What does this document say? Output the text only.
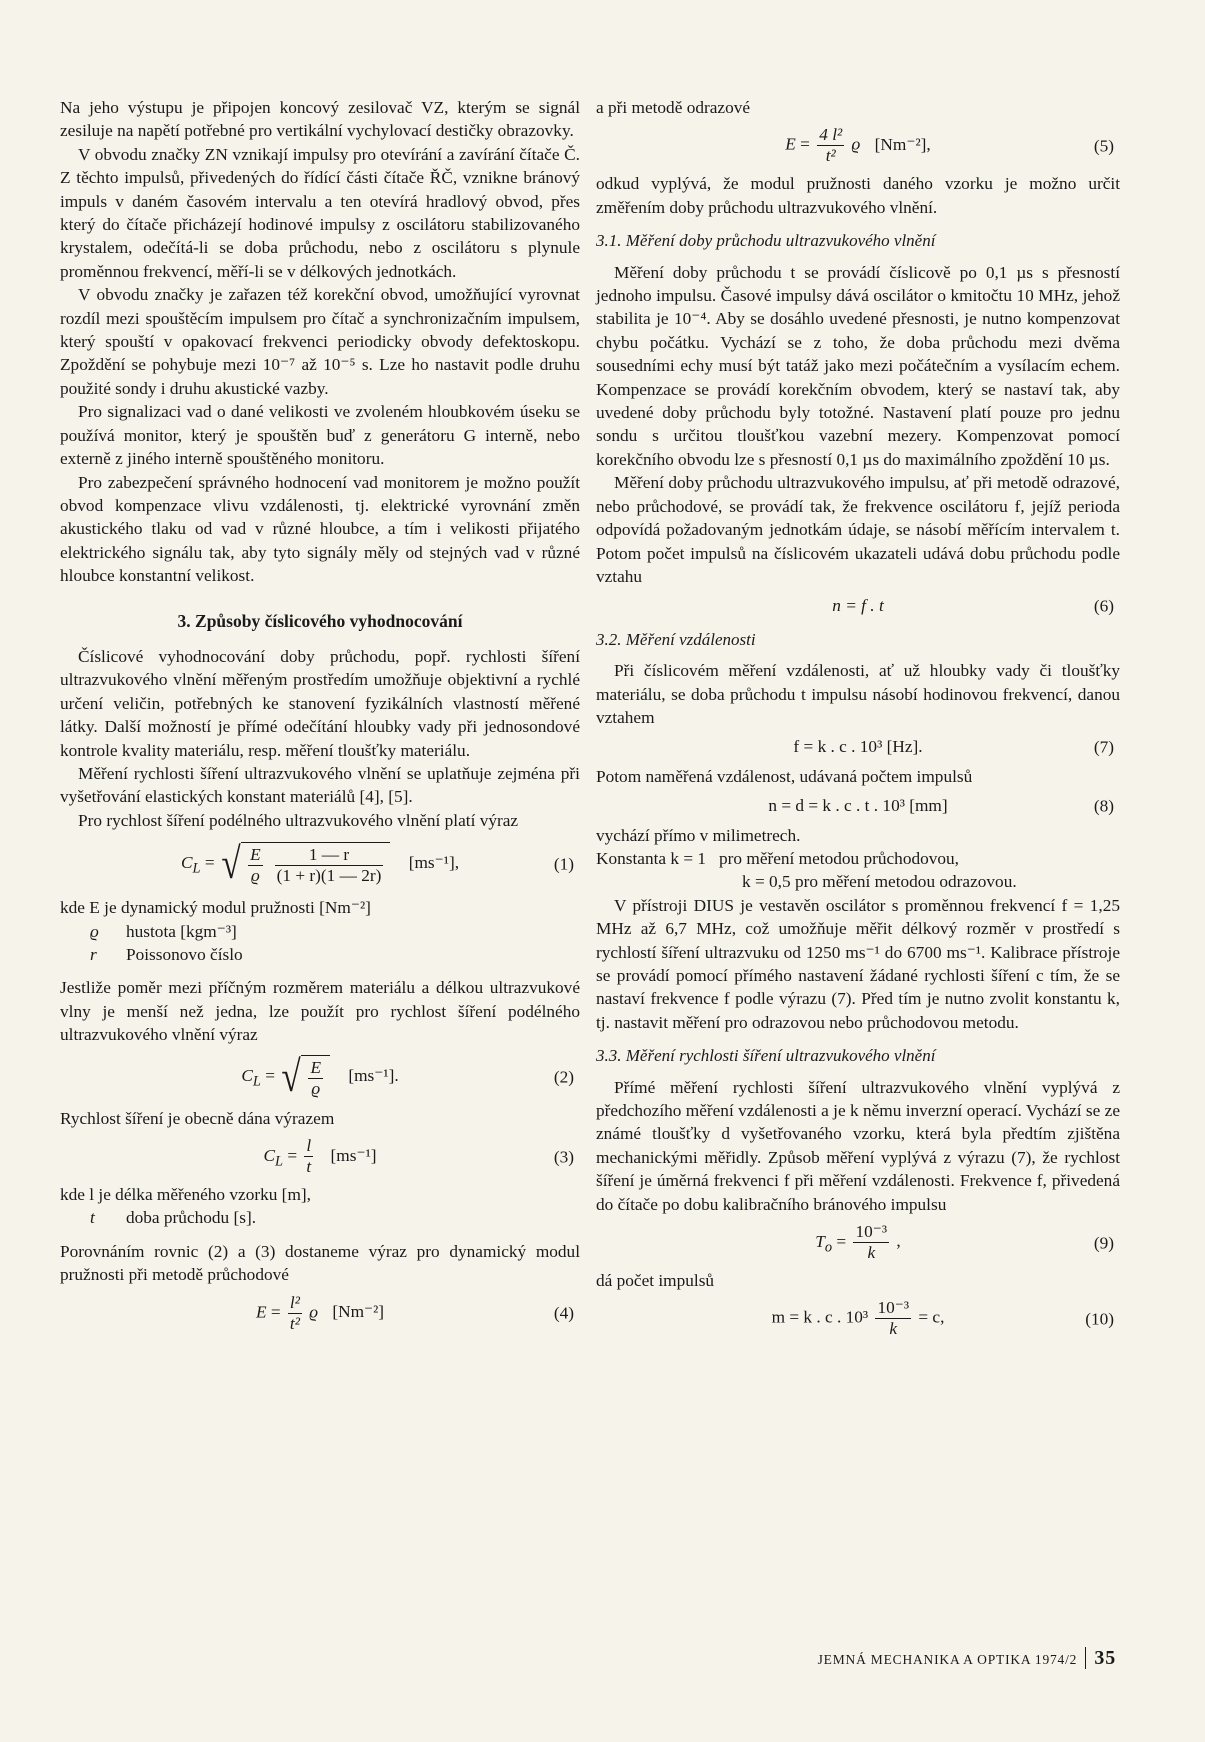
Na jeho výstupu je připojen koncový zesilovač VZ, kterým se signál zesiluje na napětí potřebné pro vertikální vychylovací destičky obrazovky.

V obvodu značky ZN vznikají impulsy pro otevírání a zavírání čítače Č. Z těchto impulsů, přivedených do řídící části čítače ŘČ, vznikne bránový impuls v daném časovém intervalu a ten otevírá hradlový obvod, přes který do čítače přicházejí hodinové impulsy z oscilátoru stabilizovaného krystalem, odečítá-li se doba průchodu, nebo z oscilátoru s plynule proměnnou frekvencí, měří-li se v délkových jednotkách.

V obvodu značky je zařazen též korekční obvod, umožňující vyrovnat rozdíl mezi spouštěcím impulsem pro čítač a synchronizačním impulsem, který spouští v opakovací frekvenci periodicky obvody defektoskopu. Zpoždění se pohybuje mezi 10⁻⁷ až 10⁻⁵ s. Lze ho nastavit podle druhu použité sondy i druhu akustické vazby.

Pro signalizaci vad o dané velikosti ve zvoleném hloubkovém úseku se používá monitor, který je spouštěn buď z generátoru G interně, nebo externě z jiného interně spouštěného monitoru.

Pro zabezpečení správného hodnocení vad monitorem je možno použít obvod kompenzace vlivu vzdálenosti, tj. elektrické vyrovnání změn akustického tlaku od vad v různé hloubce, a tím i velikosti přijatého elektrického signálu tak, aby tyto signály měly od stejných vad v různé hloubce konstantní velikost.

3. Způsoby číslicového vyhodnocování

Číslicové vyhodnocování doby průchodu, popř. rychlosti šíření ultrazvukového vlnění měřeným prostředím umožňuje objektivní a rychlé určení veličin, potřebných ke stanovení fyzikálních vlastností měřené látky. Další možností je přímé odečítání hloubky vady při jednosondové kontrole kvality materiálu, resp. měření tloušťky materiálu.

Měření rychlosti šíření ultrazvukového vlnění se uplatňuje zejména při vyšetřování elastických konstant materiálů [4], [5].

Pro rychlost šíření podélného ultrazvukového vlnění platí výraz

$C_L$ = √ $\frac{E}{ϱ} \frac{1 — r}{(1 + r)(1 — 2r)} [ms^{-1}]$,	(1)

kde E je dynamický modul pružnosti [Nm⁻²]

ϱ	hustota [kgm⁻³]
r	Poissonovo číslo

Jestliže poměr mezi příčným rozměrem materiálu a délkou ultrazvukové vlny je menší než jedna, lze použít pro rychlost šíření podélného ultrazvukového vlnění výraz

$C_L$ = √ $\frac{E}{ϱ} [ms^{-1}]$.	(2)

Rychlost šíření je obecně dána výrazem

$C_L = \frac{l}{t} [ms^{-1}]$	(3)

kde l je délka měřeného vzorku [m],

t	doba průchodu [s].

Porovnáním rovnic (2) a (3) dostaneme výraz pro dynamický modul pružnosti při metodě průchodové

$E = \frac{\text{l²}}{\text{t²}}$ ϱ [Nm⁻²]	(4)

a při metodě odrazové

$E = \frac{\text{4 l²}}{\text{t²}}$ ϱ [Nm⁻²],	(5)

odkud vyplývá, že modul pružnosti daného vzorku je možno určit změřením doby průchodu ultrazvukového vlnění.

3.1. Měření doby průchodu ultrazvukového vlnění

Měření doby průchodu t se provádí číslicově po 0,1 µs s přesností jednoho impulsu. Časové impulsy dává oscilátor o kmitočtu 10 MHz, jehož stabilita je 10⁻⁴. Aby se dosáhlo uvedené přesnosti, je nutno kompenzovat chybu počátku. Vychází se z toho, že doba průchodu mezi dvěma sousedními echy musí být tatáž jako mezi počátečním a vysílacím echem. Kompenzace se provádí korekčním obvodem, který se nastaví tak, aby uvedené doby průchodu byly totožné. Nastavení platí pouze pro jednu sondu s určitou tloušťkou vazební mezery. Kompenzovat pomocí korekčního obvodu lze s přesností 0,1 µs do maximálního zpoždění 10 µs.

Měření doby průchodu ultrazvukového impulsu, ať při metodě odrazové, nebo průchodové, se provádí tak, že frekvence oscilátoru f, jejíž perioda odpovídá požadovaným jednotkám údaje, se násobí měřícím intervalem t. Potom počet impulsů na číslicovém ukazateli udává dobu průchodu podle vztahu

n = f . t	(6)
3.2. Měření vzdálenosti

Při číslicovém měření vzdálenosti, ať už hloubky vady či tloušťky materiálu, se doba průchodu t impulsu násobí hodinovou frekvencí, danou vztahem

f = k . c . 10³ [Hz].	(7)

Potom naměřená vzdálenost, udávaná počtem impulsů

n = d = k . c . t . 10³ [mm]	(8)

vychází přímo v milimetrech.

Konstanta k = 1   pro měření metodou průchodovou,

k = 0,5 pro měření metodou odrazovou.

V přístroji DIUS je vestavěn oscilátor s proměnnou frekvencí f = 1,25 MHz až 6,7 MHz, což umožňuje měřit délkový rozměr v prostředí s rychlostí šíření ultrazvuku od 1250 ms⁻¹ do 6700 ms⁻¹. Kalibrace přístroje se provádí pomocí přímého nastavení žádané rychlosti šíření c tím, že se nastaví frekvence f podle výrazu (7). Před tím je nutno zvolit konstantu k, tj. nastavit měření pro odrazovou nebo průchodovou metodu.

3.3. Měření rychlosti šíření ultrazvukového vlnění

Přímé měření rychlosti šíření ultrazvukového vlnění vyplývá z předchozího měření vzdálenosti a je k němu inverzní operací. Vychází se ze známé tloušťky d vyšetřovaného vzorku, která byla předtím zjištěna mechanickými měřidly. Způsob měření vyplývá z výrazu (7), že rychlost šíření je úměrná frekvenci f při měření vzdálenosti. Frekvence f, přivedená do čítače po dobu kalibračního bránového impulsu

$T_o = \frac{\text{10⁻³}}{k}$ ,	(9)

dá počet impulsů

m = k . c . $10^3 \frac{\text{10⁻³}}{k} = c$,	(10)
JEMNÁ MECHANIKA A OPTIKA 1974/2 35
